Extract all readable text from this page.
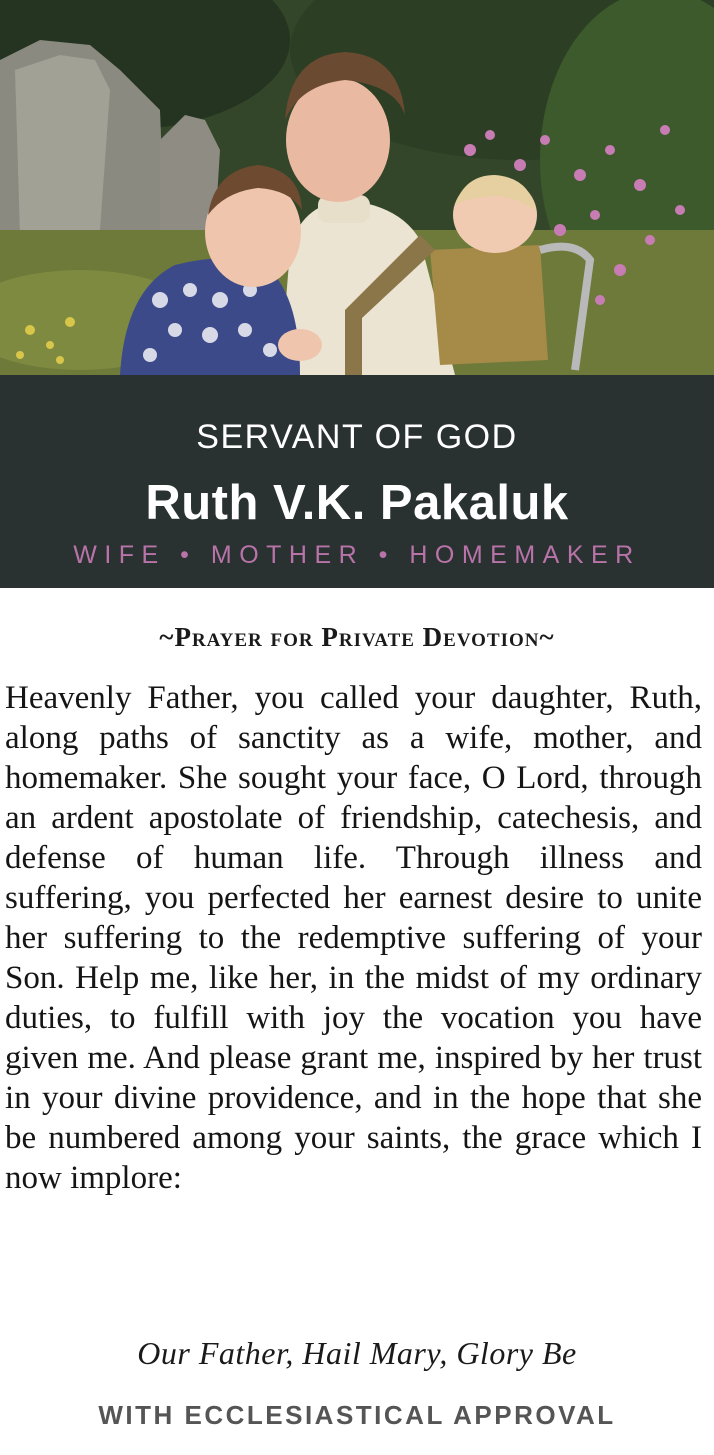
SERVANT OF GOD
Ruth V.K. Pakaluk
WIFE • MOTHER • HOMEMAKER
~Prayer for Private Devotion~
Heavenly Father, you called your daughter, Ruth, along paths of sanctity as a wife, mother, and homemaker. She sought your face, O Lord, through an ardent apostolate of friendship, catechesis, and defense of human life. Through illness and suffering, you perfected her earnest desire to unite her suffering to the redemptive suffering of your Son. Help me, like her, in the midst of my ordinary duties, to fulfill with joy the vocation you have given me. And please grant me, inspired by her trust in your divine providence, and in the hope that she be numbered among your saints, the grace which I now implore:
Our Father, Hail Mary, Glory Be
WITH ECCLESIASTICAL APPROVAL
